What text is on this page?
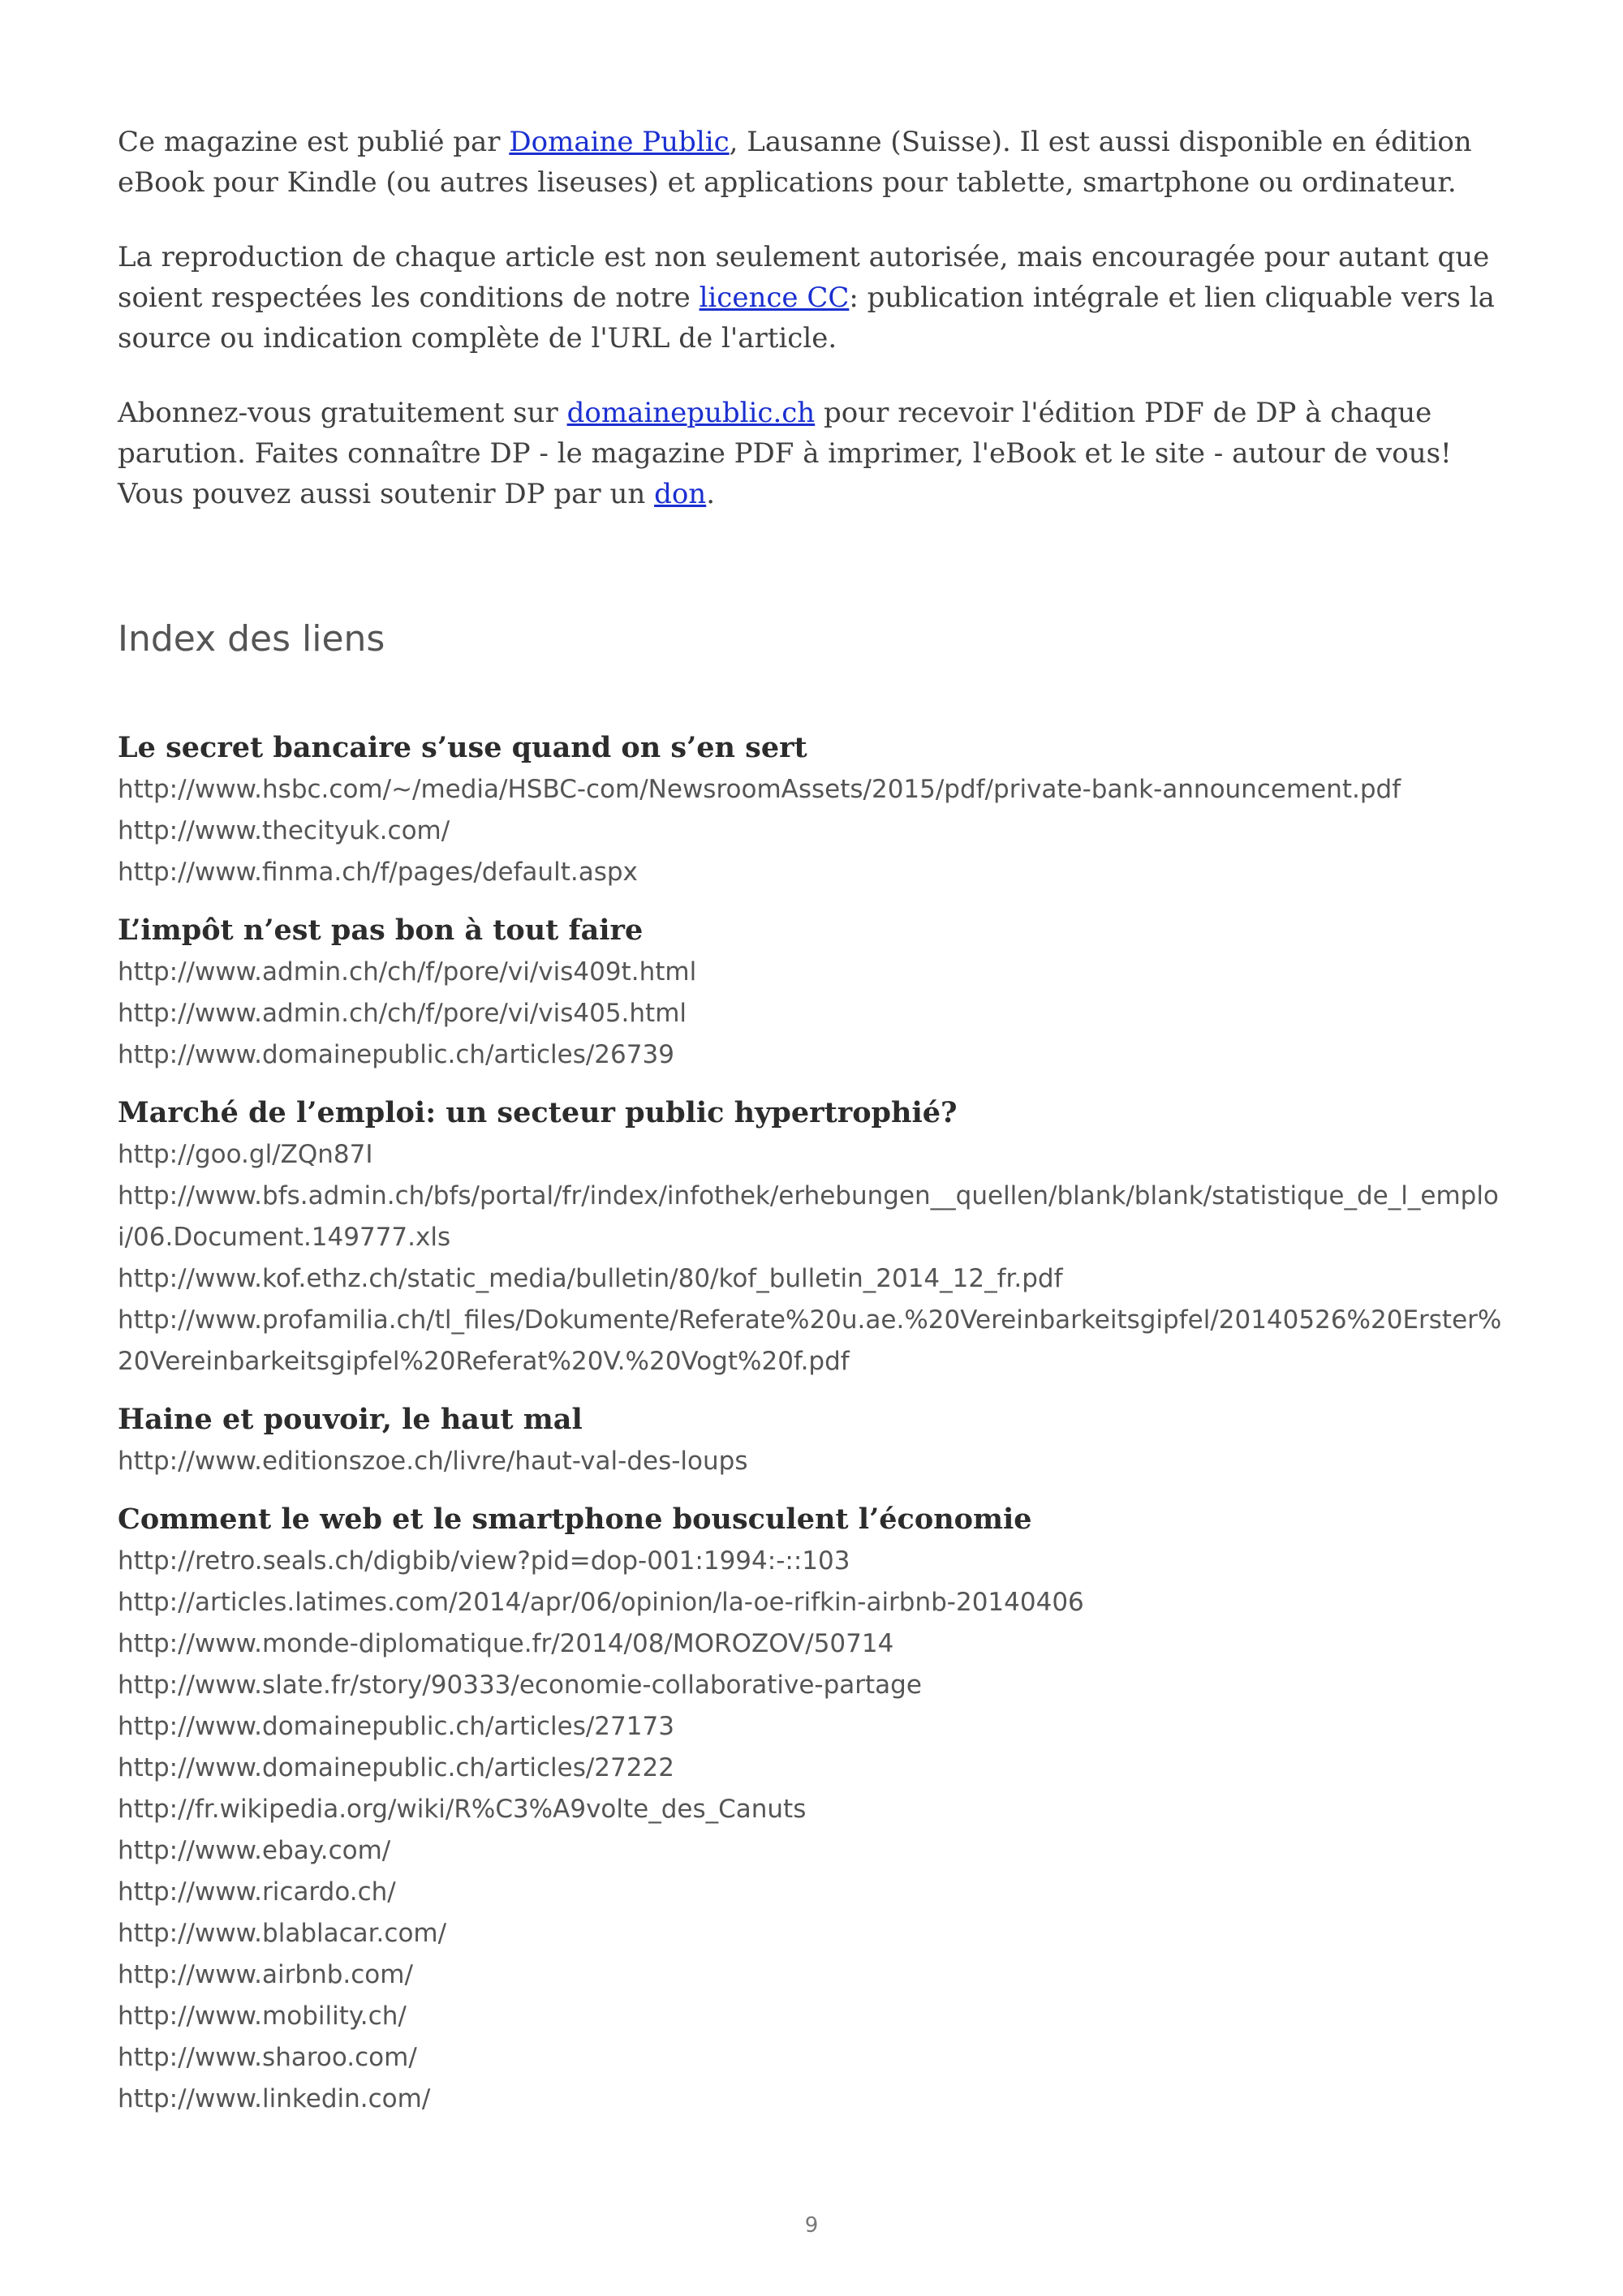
Ce magazine est publié par Domaine Public, Lausanne (Suisse). Il est aussi disponible en édition eBook pour Kindle (ou autres liseuses) et applications pour tablette, smartphone ou ordinateur.

La reproduction de chaque article est non seulement autorisée, mais encouragée pour autant que soient respectées les conditions de notre licence CC: publication intégrale et lien cliquable vers la source ou indication complète de l'URL de l'article.

Abonnez-vous gratuitement sur domainepublic.ch pour recevoir l'édition PDF de DP à chaque parution. Faites connaître DP - le magazine PDF à imprimer, l'eBook et le site - autour de vous! Vous pouvez aussi soutenir DP par un don.

Index des liens
Le secret bancaire s’use quand on s’en sert
http://www.hsbc.com/~/media/HSBC-com/NewsroomAssets/2015/pdf/private-bank-announcement.pdf
http://www.thecityuk.com/
http://www.finma.ch/f/pages/default.aspx
L’impôt n’est pas bon à tout faire
http://www.admin.ch/ch/f/pore/vi/vis409t.html
http://www.admin.ch/ch/f/pore/vi/vis405.html
http://www.domainepublic.ch/articles/26739
Marché de l’emploi: un secteur public hypertrophié?
http://goo.gl/ZQn87I
http://www.bfs.admin.ch/bfs/portal/fr/index/infothek/erhebungen__quellen/blank/blank/statistique_de_l_emploi/06.Document.149777.xls
http://www.kof.ethz.ch/static_media/bulletin/80/kof_bulletin_2014_12_fr.pdf
http://www.profamilia.ch/tl_files/Dokumente/Referate%20u.ae.%20Vereinbarkeitsgipfel/20140526%20Erster%20Vereinbarkeitsgipfel%20Referat%20V.%20Vogt%20f.pdf
Haine et pouvoir, le haut mal
http://www.editionszoe.ch/livre/haut-val-des-loups
Comment le web et le smartphone bousculent l’économie
http://retro.seals.ch/digbib/view?pid=dop-001:1994:-::103
http://articles.latimes.com/2014/apr/06/opinion/la-oe-rifkin-airbnb-20140406
http://www.monde-diplomatique.fr/2014/08/MOROZOV/50714
http://www.slate.fr/story/90333/economie-collaborative-partage
http://www.domainepublic.ch/articles/27173
http://www.domainepublic.ch/articles/27222
http://fr.wikipedia.org/wiki/R%C3%A9volte_des_Canuts
http://www.ebay.com/
http://www.ricardo.ch/
http://www.blablacar.com/
http://www.airbnb.com/
http://www.mobility.ch/
http://www.sharoo.com/
http://www.linkedin.com/
9
